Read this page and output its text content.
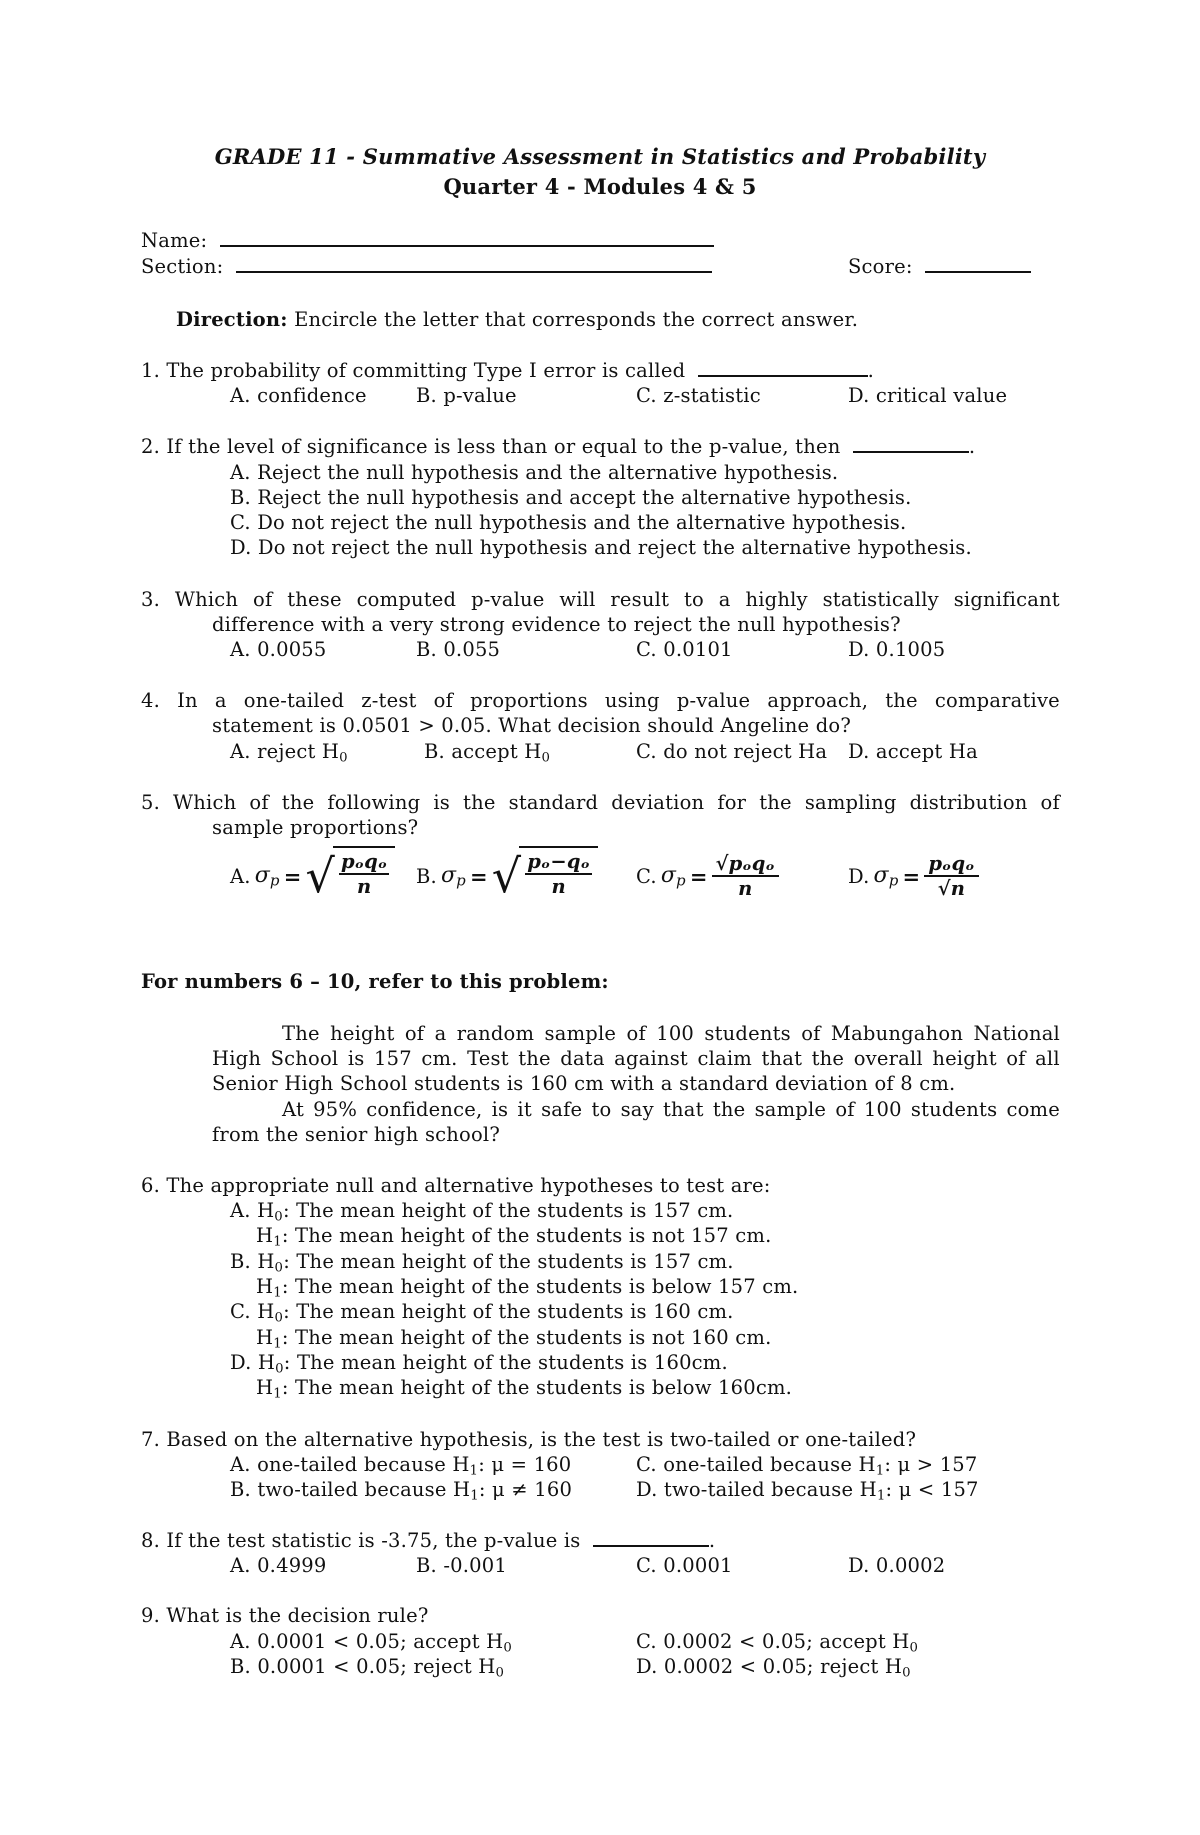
GRADE 11 - Summative Assessment in Statistics and Probability
Quarter 4 - Modules 4 & 5
Name:
Section:	Score:
Direction: Encircle the letter that corresponds the correct answer.
1. The probability of committing Type I error is called	.
A. confidence	B. p-value	C. z-statistic	D. critical value
2. If the level of significance is less than or equal to the p-value, then	.
A. Reject the null hypothesis and the alternative hypothesis.
B. Reject the null hypothesis and accept the alternative hypothesis.
C. Do not reject the null hypothesis and the alternative hypothesis.
D. Do not reject the null hypothesis and reject the alternative hypothesis.
3. Which of these computed p-value will result to a highly statistically significant
difference with a very strong evidence to reject the null hypothesis?
A. 0.0055	B. 0.055	C. 0.0101	D. 0.1005
4. In a one-tailed z-test of proportions using p-value approach, the comparative
statement is 0.0501 > 0.05. What decision should Angeline do?
A. reject $H_0$	B. accept $H_0$	C. do not reject Ha D. accept Ha
5. Which of the following is the standard deviation for the sampling distribution of
sample proportions?
A. $\sigma_p$ = √ pₒqₒ
n B. $\sigma_p$ = √
$\frac{\text{pₒ−qₒ}}{n} C$. $\sigma_p = \frac{\text{√pₒqₒ}}{n}$	D. $\sigma_p = \frac{\text{pₒqₒ}}{√n}$
For numbers 6 – 10, refer to this problem:
The height of a random sample of 100 students of Mabungahon National
High School is 157 cm. Test the data against claim that the overall height of all
Senior High School students is 160 cm with a standard deviation of 8 cm.
At 95% confidence, is it safe to say that the sample of 100 students come
from the senior high school?
6. The appropriate null and alternative hypotheses to test are:
A. $H_0$: The mean height of the students is 157 cm.
$H_1$: The mean height of the students is not 157 cm.
B. $H_0$: The mean height of the students is 157 cm.
$H_1$: The mean height of the students is below 157 cm.
C. $H_0$: The mean height of the students is 160 cm.
$H_1$: The mean height of the students is not 160 cm.
D. $H_0$: The mean height of the students is 160cm.
$H_1$: The mean height of the students is below 160cm.
7. Based on the alternative hypothesis, is the test is two-tailed or one-tailed?
A. one-tailed because $H_1$: μ = 160	C. one-tailed because $H_1$: μ > 157
B. two-tailed because $H_1$: μ ≠ 160	D. two-tailed because $H_1$: μ < 157
8. If the test statistic is -3.75, the p-value is	.
A. 0.4999	B. -0.001	C. 0.0001	D. 0.0002
9. What is the decision rule?
A. 0.0001 < 0.05; accept $H_0$	C. 0.0002 < 0.05; accept $H_0$
B. 0.0001 < 0.05; reject $H_0$	D. 0.0002 < 0.05; reject $H_0$
